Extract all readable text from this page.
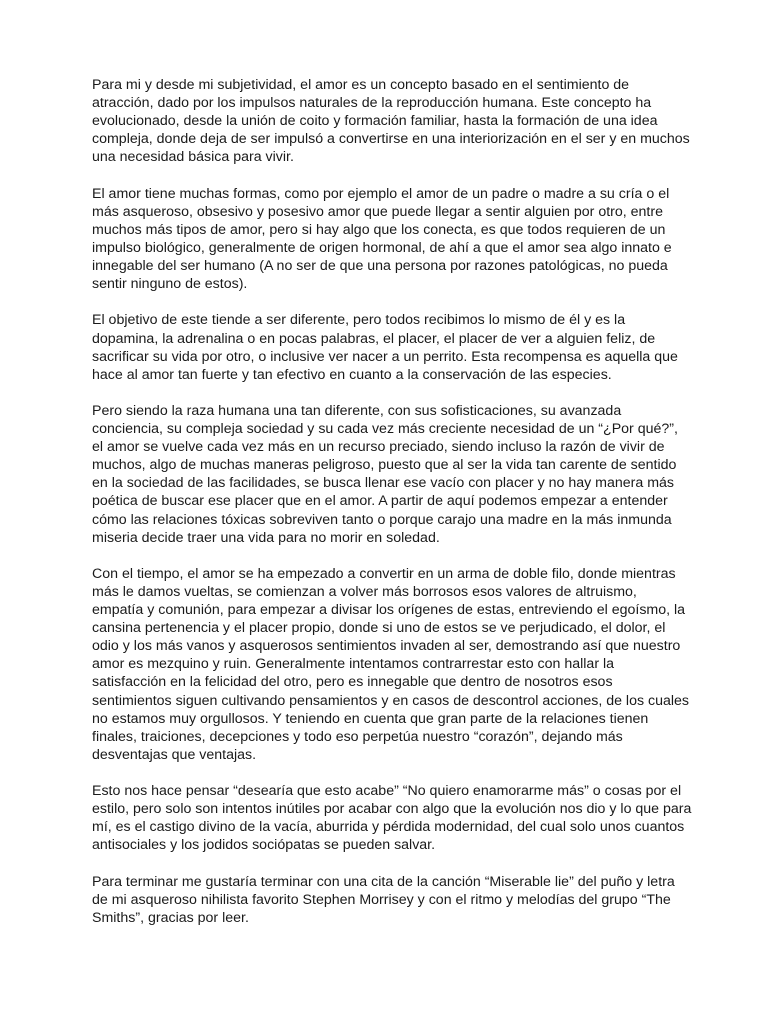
Para mi y desde mi subjetividad, el amor es un concepto basado en el sentimiento de atracción, dado por los impulsos naturales de la reproducción humana. Este concepto ha evolucionado, desde la unión de coito y formación familiar, hasta la formación de una idea compleja, donde deja de ser impulsó a convertirse en una interiorización en el ser y en muchos una necesidad básica para vivir.

El amor tiene muchas formas, como por ejemplo el amor de un padre o madre a su cría o el más asqueroso, obsesivo y posesivo amor que puede llegar a sentir alguien por otro, entre muchos más tipos de amor, pero si hay algo que los conecta, es que todos requieren de un impulso biológico, generalmente de origen hormonal, de ahí a que el amor sea algo innato e innegable del ser humano (A no ser de que una persona por razones patológicas, no pueda sentir ninguno de estos).

El objetivo de este tiende a ser diferente, pero todos recibimos lo mismo de él y es la dopamina, la adrenalina o en pocas palabras, el placer, el placer de ver a alguien feliz, de sacrificar su vida por otro, o inclusive ver nacer a un perrito. Esta recompensa es aquella que hace al amor tan fuerte y tan efectivo en cuanto a la conservación de las especies.

Pero siendo la raza humana una tan diferente, con sus sofisticaciones, su avanzada conciencia, su compleja sociedad y su cada vez más creciente necesidad de un “¿Por qué?”, el amor se vuelve cada vez más en un recurso preciado, siendo incluso la razón de vivir de muchos, algo de muchas maneras peligroso, puesto que al ser la vida tan carente de sentido en la sociedad de las facilidades, se busca llenar ese vacío con placer y no hay manera más poética de buscar ese placer que en el amor. A partir de aquí podemos empezar a entender cómo las relaciones tóxicas sobreviven tanto o porque carajo una madre en la más inmunda miseria decide traer una vida para no morir en soledad.

Con el tiempo, el amor se ha empezado a convertir en un arma de doble filo, donde mientras más le damos vueltas, se comienzan a volver más borrosos esos valores de altruismo, empatía y comunión, para empezar a divisar los orígenes de estas, entreviendo el egoísmo, la cansina pertenencia y el placer propio, donde si uno de estos se ve perjudicado, el dolor, el odio y los más vanos y asquerosos sentimientos invaden al ser, demostrando así que nuestro amor es mezquino y ruin. Generalmente intentamos contrarrestar esto con hallar la satisfacción en la felicidad del otro, pero es innegable que dentro de nosotros esos sentimientos siguen cultivando pensamientos y en casos de descontrol acciones, de los cuales no estamos muy orgullosos. Y teniendo en cuenta que gran parte de la relaciones tienen finales, traiciones, decepciones y todo eso perpetúa nuestro “corazón”, dejando más desventajas que ventajas.

Esto nos hace pensar “desearía que esto acabe” “No quiero enamorarme más” o cosas por el estilo, pero solo son intentos inútiles por acabar con algo que la evolución nos dio y lo que para mí, es el castigo divino de la vacía, aburrida y pérdida modernidad, del cual solo unos cuantos antisociales y los jodidos sociópatas se pueden salvar.

Para terminar me gustaría terminar con una cita de la canción “Miserable lie” del puño y letra de mi asqueroso nihilista favorito Stephen Morrisey y con el ritmo y melodías del grupo “The Smiths”, gracias por leer.
